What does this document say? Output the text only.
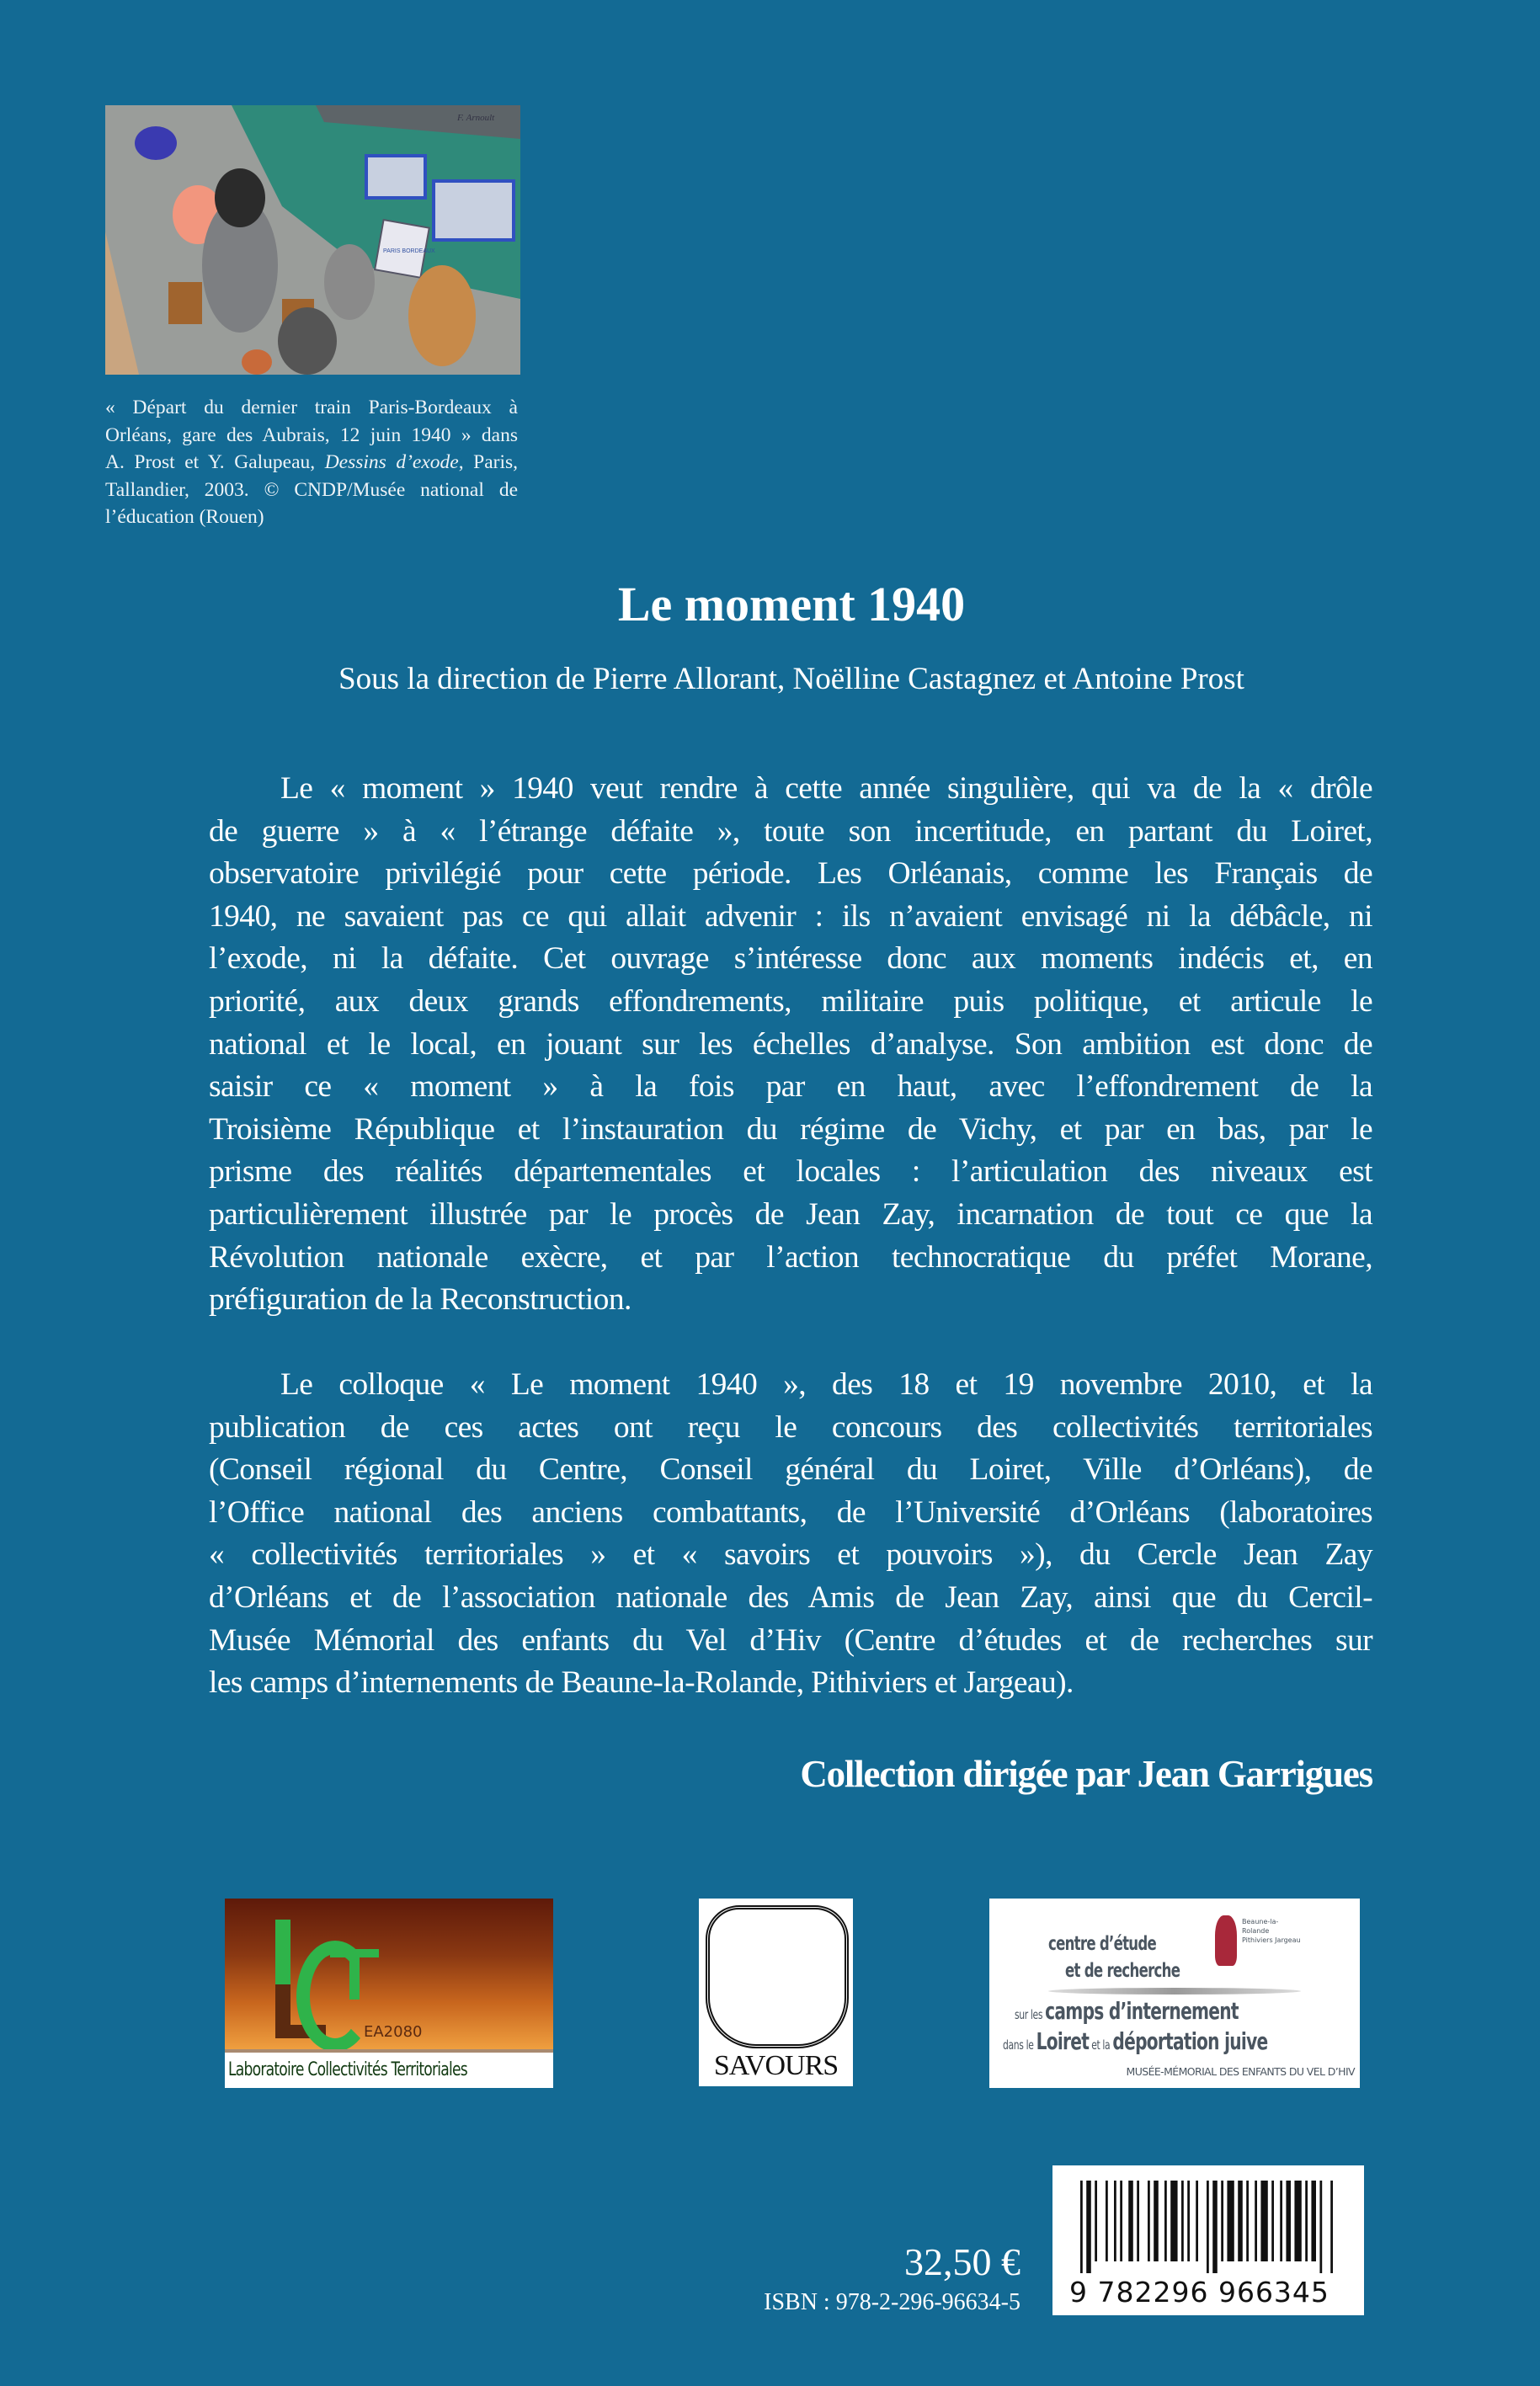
PARIS BORDEAUX
F. Arnoult
« Départ du dernier train Paris-Bordeaux à
Orléans, gare des Aubrais, 12 juin 1940 » dans
A. Prost et Y. Galupeau, Dessins d’exode, Paris,
Tallandier, 2003. © CNDP/Musée national de
l’éducation (Rouen)
Le moment 1940
Sous la direction de Pierre Allorant, Noëlline Castagnez et Antoine Prost
Le « moment » 1940 veut rendre à cette année singulière, qui va de la « drôle
de guerre » à « l’étrange défaite », toute son incertitude, en partant du Loiret,
observatoire privilégié pour cette période. Les Orléanais, comme les Français de
1940, ne savaient pas ce qui allait advenir : ils n’avaient envisagé ni la débâcle, ni
l’exode, ni la défaite. Cet ouvrage s’intéresse donc aux moments indécis et, en
priorité, aux deux grands effondrements, militaire puis politique, et articule le
national et le local, en jouant sur les échelles d’analyse. Son ambition est donc de
saisir ce « moment » à la fois par en haut, avec l’effondrement de la
Troisième République et l’instauration du régime de Vichy, et par en bas, par le
prisme des réalités départementales et locales : l’articulation des niveaux est
particulièrement illustrée par le procès de Jean Zay, incarnation de tout ce que la
Révolution nationale exècre, et par l’action technocratique du préfet Morane,
préfiguration de la Reconstruction.
Le colloque « Le moment 1940 », des 18 et 19 novembre 2010, et la
publication de ces actes ont reçu le concours des collectivités territoriales
(Conseil régional du Centre, Conseil général du Loiret, Ville d’Orléans), de
l’Office national des anciens combattants, de l’Université d’Orléans (laboratoires
« collectivités territoriales » et « savoirs et pouvoirs »), du Cercle Jean Zay
d’Orléans et de l’association nationale des Amis de Jean Zay, ainsi que du Cercil-
Musée Mémorial des enfants du Vel d’Hiv (Centre d’études et de recherches sur
les camps d’internements de Beaune-la-Rolande, Pithiviers et Jargeau).
Collection dirigée par Jean Garrigues
EA2080
Laboratoire Collectivités Territoriales	SAVOURS
Beaune-la-Rolande Pithiviers Jargeau
centre d’étude
et de recherche
sur les camps d’internement
dans le Loiret et la déportation juive
MUSÉE-MÉMORIAL DES ENFANTS DU VEL D’HIV
32,50 €
ISBN : 978-2-296-96634-5 9 782296 966345
